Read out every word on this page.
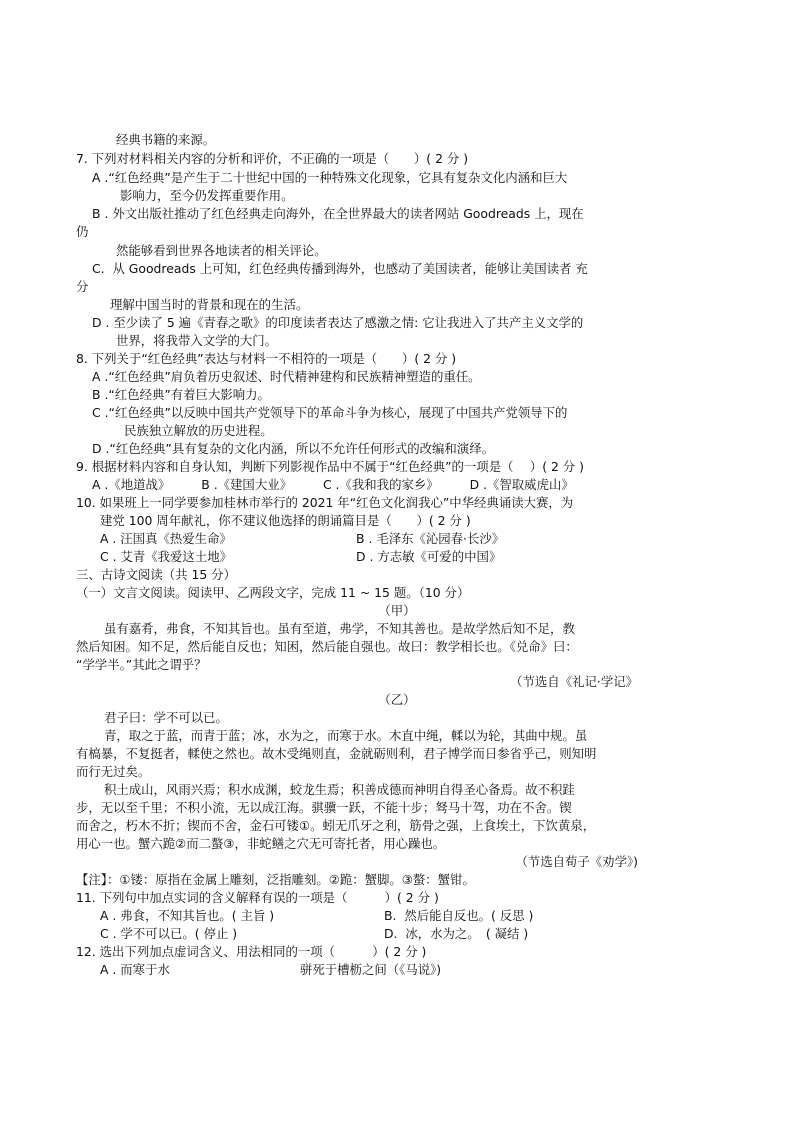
经典书籍的来源。

7. 下列对材料相关内容的分析和评价，不正确的一项是（　　）( 2 分 )

A .“红色经典”是产生于二十世纪中国的一种特殊文化现象，它具有复杂文化内涵和巨大

影响力，至今仍发挥重要作用。

B . 外文出版社推动了红色经典走向海外，在全世界最大的读者网站 Goodreads 上，现在

仍

然能够看到世界各地读者的相关评论。

C.  从 Goodreads 上可知，红色经典传播到海外，也感动了美国读者，能够让美国读者 充

分

理解中国当时的背景和现在的生活。

D . 至少读了 5 遍《青春之歌》的印度读者表达了感激之情: 它让我进入了共产主义文学的

世界，将我带入文学的大门。

8. 下列关于“红色经典”表达与材料一不相符的一项是（　　）( 2 分 )

A .“红色经典”肩负着历史叙述、时代精神建构和民族精神塑造的重任。

B .“红色经典”有着巨大影响力。

C .“红色经典”以反映中国共产党领导下的革命斗争为核心，展现了中国共产党领导下的

民族独立解放的历史进程。

D .“红色经典”具有复杂的文化内涵，所以不允许任何形式的改编和演绎。

9. 根据材料内容和自身认知，判断下列影视作品中不属于“红色经典”的一项是（　 ）( 2 分 )

A .《地道战》　　　B .《建国大业》　　　C .《我和我的家乡》　　　D .《智取威虎山》

10. 如果班上一同学要参加桂林市举行的 2021 年“红色文化润我心”中华经典诵读大赛，为

建党 100 周年献礼，你不建议他选择的朗诵篇目是（　　）( 2 分 )

A . 汪国真《热爱生命》	B . 毛泽东《沁园春·长沙》

C . 艾青《我爱这土地》	D . 方志敏《可爱的中国》

三、古诗文阅读（共 15 分）

（一）文言文阅读。阅读甲、乙两段文字，完成 11 ~ 15 题。（10 分）

（甲）

虽有嘉肴，弗食，不知其旨也。虽有至道，弗学，不知其善也。是故学然后知不足，教

然后知困。知不足，然后能自反也；知困，然后能自强也。故曰：教学相长也。《兑命》曰：

“学学半。”其此之谓乎？

（节选自《礼记·学记》

（乙）

君子曰：学不可以已。

青，取之于蓝，而青于蓝；冰，水为之，而寒于水。木直中绳，輮以为轮，其曲中规。虽

有槁暴，不复挺者，輮使之然也。故木受绳则直，金就砺则利，君子博学而日参省乎己，则知明

而行无过矣。

积土成山，风雨兴焉；积水成渊，蛟龙生焉；积善成德而神明自得圣心备焉。故不积跬

步，无以至千里；不积小流，无以成江海。骐骥一跃，不能十步；驽马十驾，功在不舍。锲

而舍之，朽木不折；锲而不舍，金石可镂①。蚓无爪牙之利，筋骨之强，上食埃土，下饮黄泉，

用心一也。蟹六跪②而二螯③，非蛇鳝之穴无可寄托者，用心躁也。

（节选自荀子《劝学》)

【注】：①镂：原指在金属上雕刻，泛指雕刻。②跪：蟹脚。③螯：蟹钳。

11. 下列句中加点实词的含义解释有误的一项是（　　　）( 2 分 )

A . 弗食，不知其旨也。( 主旨 )	B.  然后能自反也。( 反思 )

C . 学不可以已。( 停止 )	D.  冰，水为之。　( 凝结 )

12. 选出下列加点虚词含义、用法相同的一项（　　　）( 2 分 )

A . 而寒于水	骈死于槽枥之间（《马说》)
